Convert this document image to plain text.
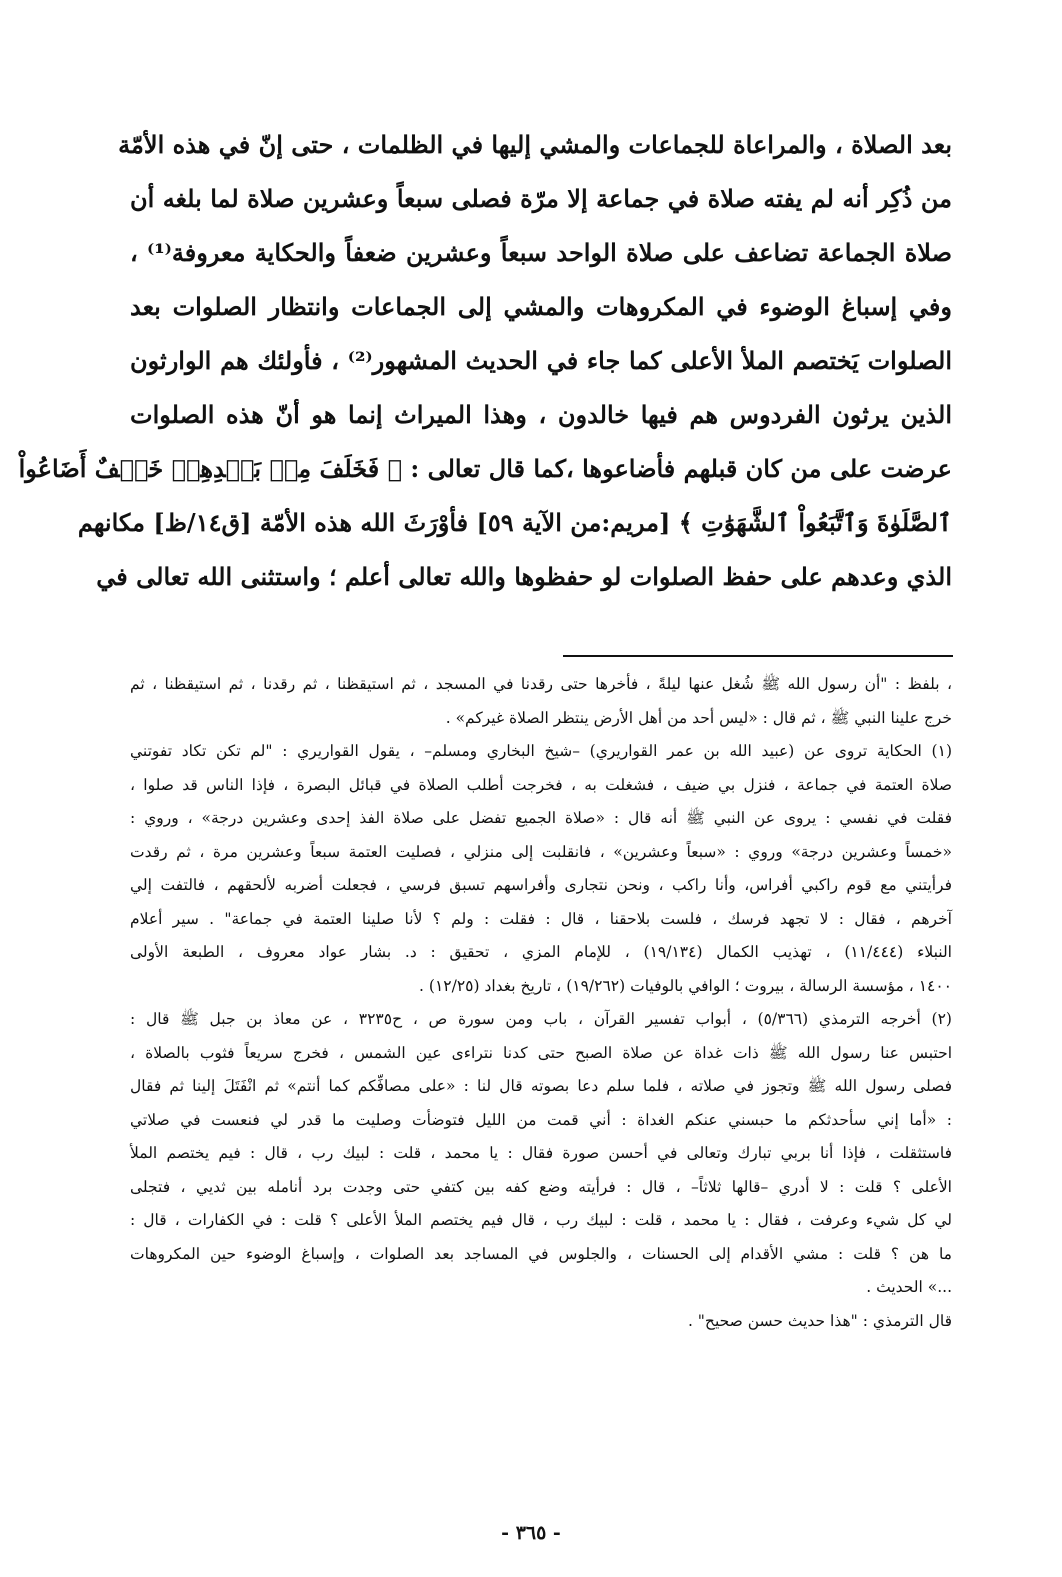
بعد الصلاة ، والمراعاة للجماعات والمشي إليها في الظلمات ، حتى إنّ في هذه الأمّة
من ذُكِر أنه لم يفته صلاة في جماعة إلا مرّة فصلى سبعاً وعشرين صلاة لما بلغه أن
صلاة الجماعة تضاعف على صلاة الواحد سبعاً وعشرين ضعفاً والحكاية معروفة⁽¹⁾ ،
وفي إسباغ الوضوء في المكروهات والمشي إلى الجماعات وانتظار الصلوات بعد
الصلوات يَختصم الملأ الأعلى كما جاء في الحديث المشهور⁽²⁾ ، فأولئك هم الوارثون
الذين يرثون الفردوس هم فيها خالدون ، وهذا الميراث إنما هو أنّ هذه الصلوات
عرضت على من كان قبلهم فأضاعوها ،كما قال تعالى : ﴿ فَخَلَفَ مِنۢ بَعۡدِهِمۡ خَلۡفٌ أَضَاعُواْ
ٱلصَّلَوٰةَ وَٱتَّبَعُواْ ٱلشَّهَوَٰتِ ﴾ [مريم:من الآية ٥٩] فأوْرَثَ الله هذه الأمّة [ق١٤/ظ] مكانهم
الذي وعدهم على حفظ الصلوات لو حفظوها والله تعالى أعلم ؛ واستثنى الله تعالى في
، بلفظ : "أن رسول الله ﷺ شُغل عنها ليلةً ، فأخرها حتى رقدنا في المسجد ، ثم استيقظنا ، ثم رقدنا ، ثم استيقظنا ، ثم
خرج علينا النبي ﷺ ، ثم قال : «ليس أحد من أهل الأرض ينتظر الصلاة غيركم» .
(١) الحكاية تروى عن (عبيد الله بن عمر القواريري) –شيخ البخاري ومسلم– ، يقول القواريري : "لم تكن تكاد تفوتني
صلاة العتمة في جماعة ، فنزل بي ضيف ، فشغلت به ، فخرجت أطلب الصلاة في قبائل البصرة ، فإذا الناس قد صلوا ،
فقلت في نفسي : يروى عن النبي ﷺ أنه قال : «صلاة الجميع تفضل على صلاة الفذ إحدى وعشرين درجة» ، وروي :
«خمساً وعشرين درجة» وروي : «سبعاً وعشرين» ، فانقلبت إلى منزلي ، فصليت العتمة سبعاً وعشرين مرة ، ثم رقدت
فرأيتني مع قوم راكبي أفراس، وأنا راكب ، ونحن نتجارى وأفراسهم تسبق فرسي ، فجعلت أضربه لألحقهم ، فالتفت إلي
آخرهم ، فقال : لا تجهد فرسك ، فلست بلاحقنا ، قال : فقلت : ولم ؟ لأنا صلينا العتمة في جماعة" . سير أعلام
النبلاء (١١/٤٤٤) ، تهذيب الكمال (١٩/١٣٤) ، للإمام المزي ، تحقيق : د. بشار عواد معروف ، الطبعة الأولى
١٤٠٠ ، مؤسسة الرسالة ، بيروت ؛ الوافي بالوفيات (١٩/٢٦٢) ، تاريخ بغداد (١٢/٢٥) .
(٢) أخرجه الترمذي (٥/٣٦٦) ، أبواب تفسير القرآن ، باب ومن سورة ص ، ح٣٢٣٥ ، عن معاذ بن جبل ﷺ قال :
احتبس عنا رسول الله ﷺ ذات غداة عن صلاة الصبح حتى كدنا نتراءى عين الشمس ، فخرج سريعاً فثوب بالصلاة ،
فصلى رسول الله ﷺ وتجوز في صلاته ، فلما سلم دعا بصوته قال لنا : «على مصافِّكم كما أنتم» ثم انْفَتَلَ إلينا ثم فقال
: «أما إني سأحدثكم ما حبسني عنكم الغداة : أني قمت من الليل فتوضأت وصليت ما قدر لي فنعست في صلاتي
فاستثقلت ، فإذا أنا بربي تبارك وتعالى في أحسن صورة فقال : يا محمد ، قلت : لبيك رب ، قال : فيم يختصم الملأ
الأعلى ؟ قلت : لا أدري –قالها ثلاثاً– ، قال : فرأيته وضع كفه بين كتفي حتى وجدت برد أنامله بين ثديي ، فتجلى
لي كل شيء وعرفت ، فقال : يا محمد ، قلت : لبيك رب ، قال فيم يختصم الملأ الأعلى ؟ قلت : في الكفارات ، قال :
ما هن ؟ قلت : مشي الأقدام إلى الحسنات ، والجلوس في المساجد بعد الصلوات ، وإسباغ الوضوء حين المكروهات
...» الحديث .
قال الترمذي : "هذا حديث حسن صحيح" .
- ٣٦٥ -
